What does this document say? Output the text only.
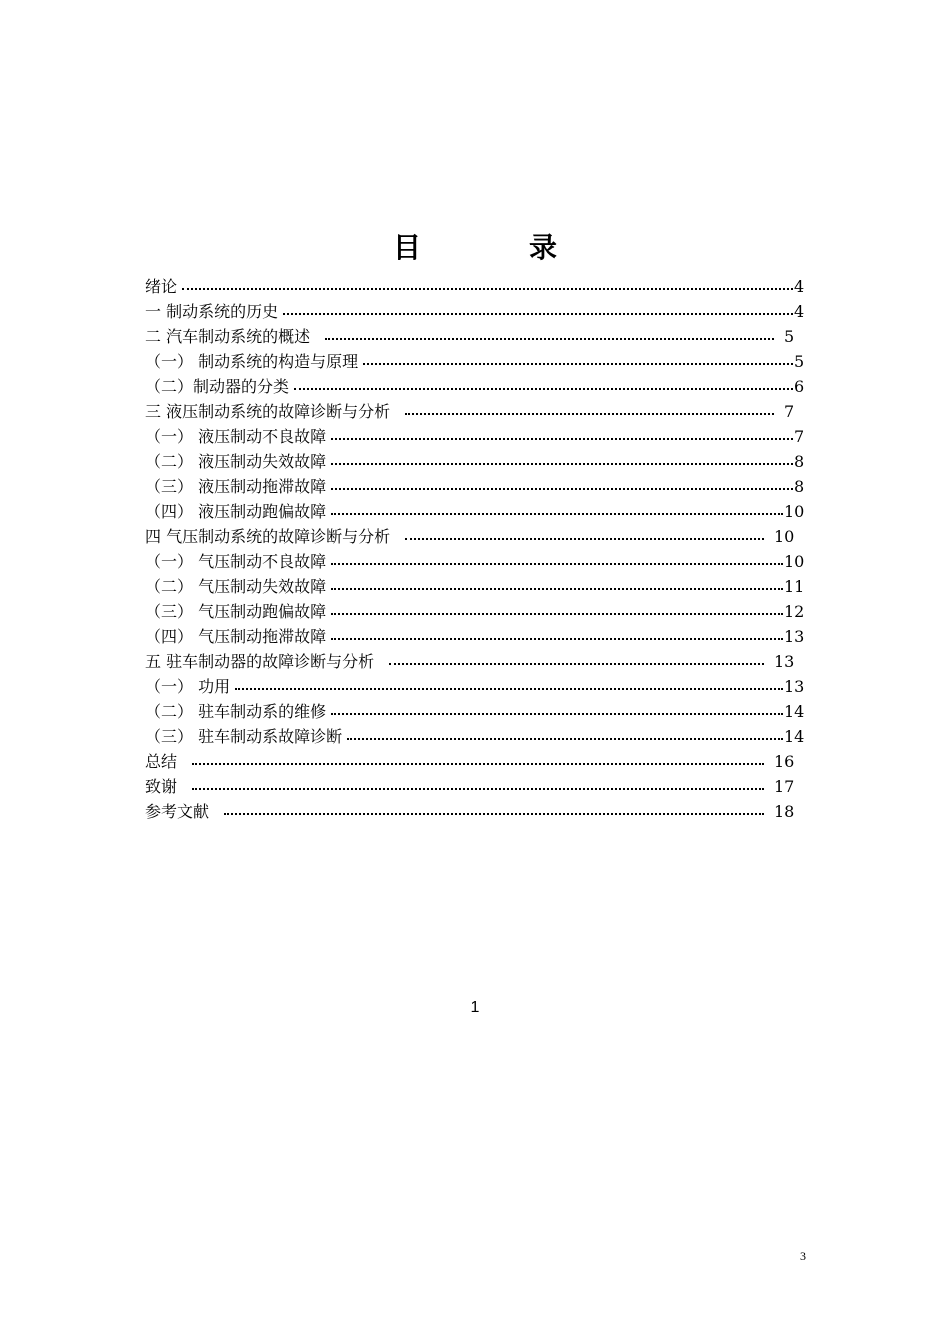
目　录
绪论	4
一 制动系统的历史	4
二 汽车制动系统的概述	5
（一） 制动系统的构造与原理	5
（二）制动器的分类	6
三 液压制动系统的故障诊断与分析	7
（一） 液压制动不良故障	7
（二） 液压制动失效故障	8
（三） 液压制动拖滞故障	8
（四） 液压制动跑偏故障	10
四 气压制动系统的故障诊断与分析	10
（一） 气压制动不良故障	10
（二） 气压制动失效故障	11
（三） 气压制动跑偏故障	12
（四） 气压制动拖滞故障	13
五 驻车制动器的故障诊断与分析	13
（一） 功用	13
（二） 驻车制动系的维修	14
（三） 驻车制动系故障诊断	14
总结	16
致谢	17
参考文献	18
1
3
